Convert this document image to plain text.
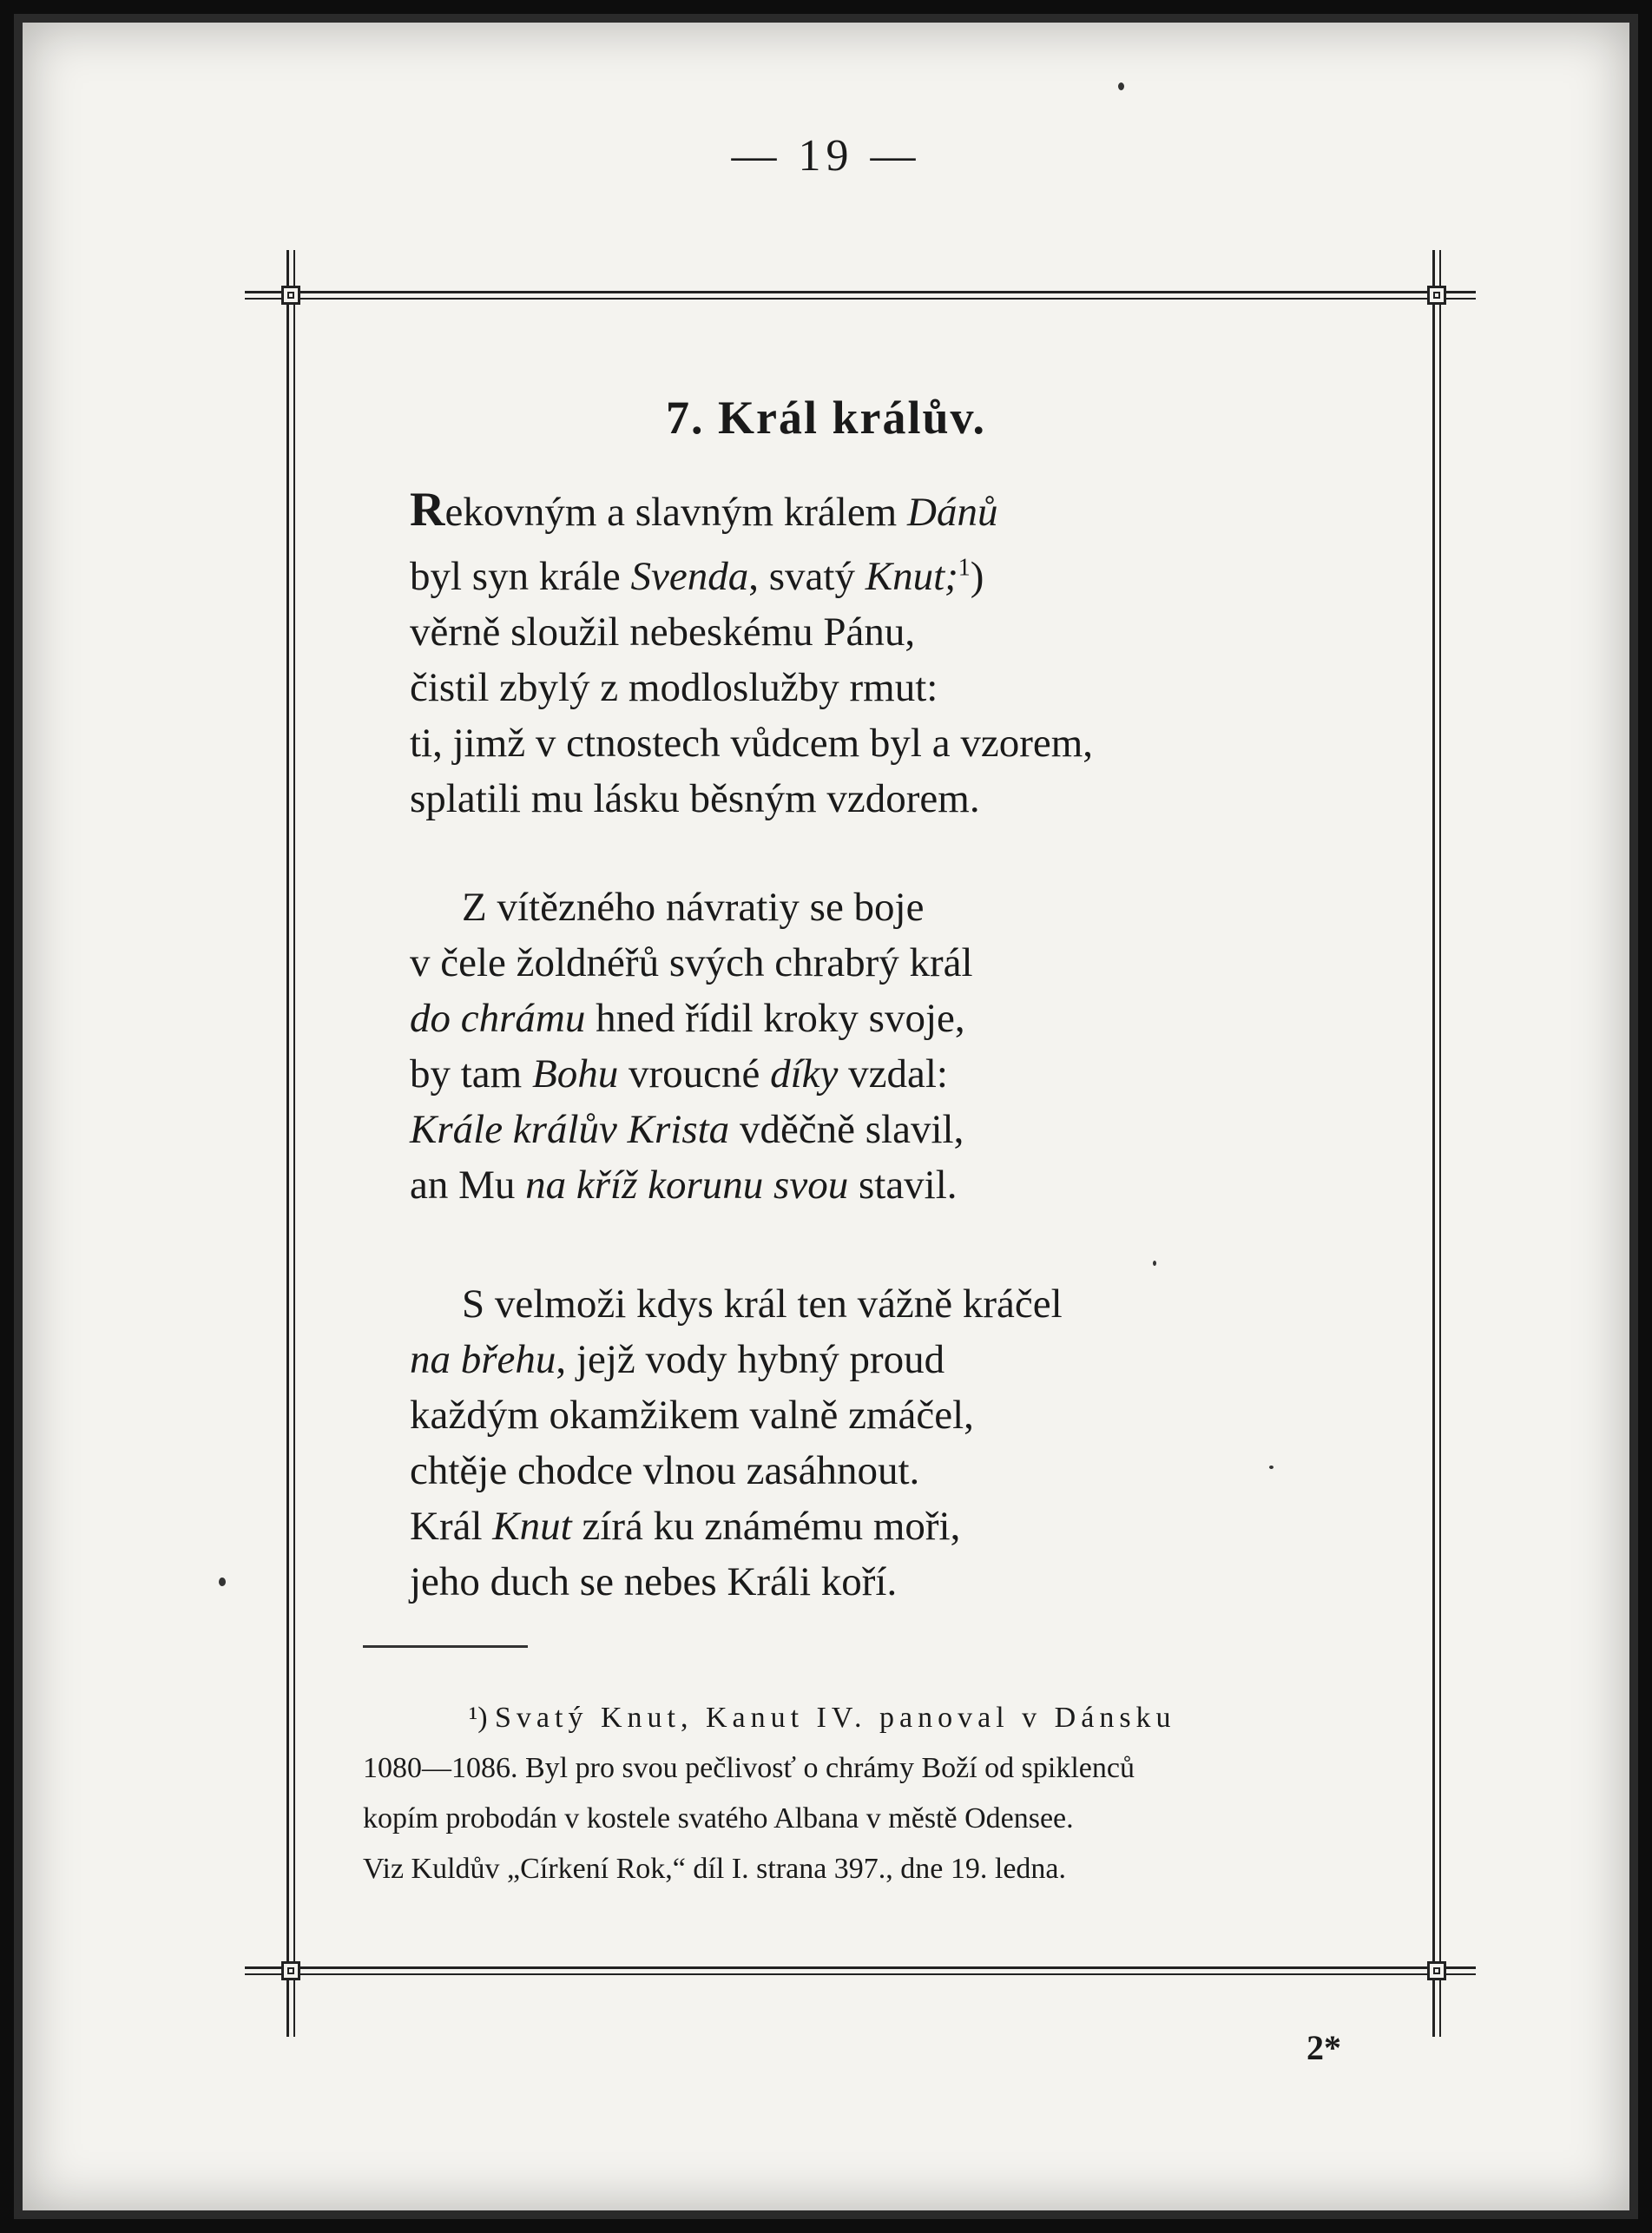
— 19 —
7. Král králův.
Rekovným a slavným králem Dánů
byl syn krále Svenda, svatý Knut;$^1$)
věrně sloužil nebeskému Pánu,
čistil zbylý z modloslužby rmut:
ti, jimž v ctnostech vůdcem byl a vzorem,
splatili mu lásku běsným vzdorem.
Z vítězného návratiy se boje
v čele žoldnéřů svých chrabrý král
do chrámu hned řídil kroky svoje,
by tam Bohu vroucné díky vzdal:
Krále králův Krista vděčně slavil,
an Mu na kříž korunu svou stavil.
S velmoži kdys král ten vážně kráčel
na břehu, jejž vody hybný proud
každým okamžikem valně zmáčel,
chtěje chodce vlnou zasáhnout.
Král Knut zírá ku známému moři,
jeho duch se nebes Králi koří.
¹) Svatý Knut, Kanut IV. panoval v Dánsku
1080—1086. Byl pro svou pečlivosť o chrámy Boží od spiklenců
kopím probodán v kostele svatého Albana v městě Odensee.
Viz Kuldův „Církení Rok,“ díl I. strana 397., dne 19. ledna.
2*
